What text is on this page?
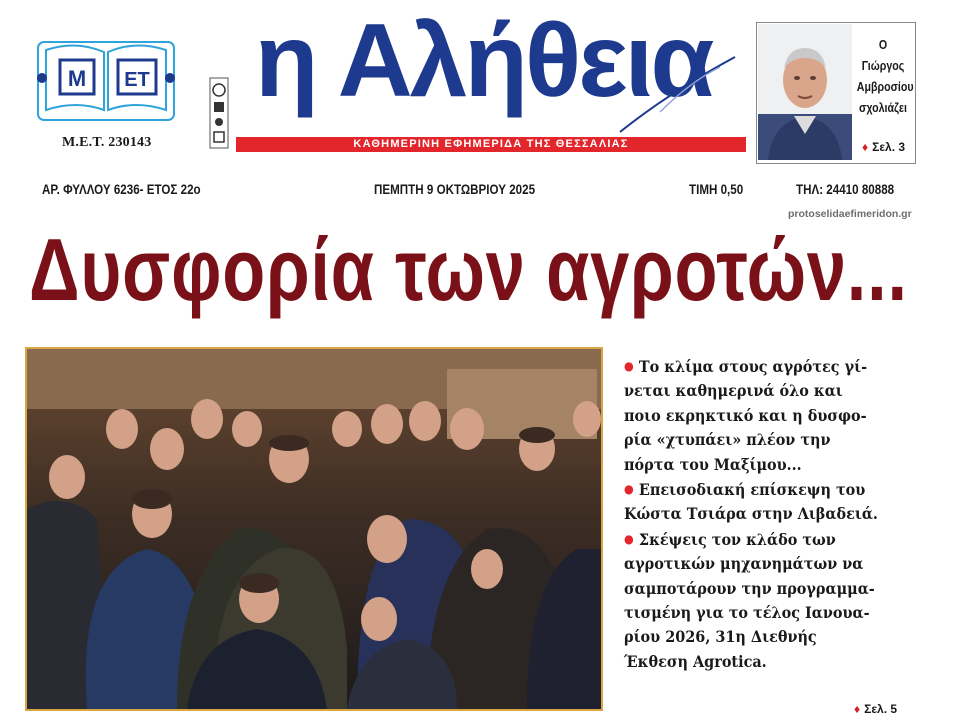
M ET
Μ.Ε.Τ. 230143
η Αλήθεια
ΚΑΘΗΜΕΡΙΝΗ ΕΦΗΜΕΡΙΔΑ ΤΗΣ ΘΕΣΣΑΛΙΑΣ
Ο Γιώργος
Αμβροσίου
σχολιάζει
♦ Σελ. 3
ΑΡ. ΦΥΛΛΟΥ 6236- ΕΤΟΣ 22ο	ΠΕΜΠΤΗ 9 ΟΚΤΩΒΡΙΟΥ 2025	ΤΙΜΗ 0,50	ΤΗΛ: 24410 80888
protoselidaefimeridon.gr
Δυσφορία των αγροτών...
● Το κλίμα στους αγρότες γί-
νεται καθημερινά όλο και
ποιο εκρηκτικό και η δυσφο-
ρία «χτυπάει» πλέον την
πόρτα του Μαξίμου...
● Επεισοδιακή επίσκεψη του
Κώστα Τσιάρα στην Λιβαδειά.
● Σκέψεις τον κλάδο των
αγροτικών μηχανημάτων να
σαμποτάρουν την προγραμμα-
τισμένη για το τέλος Ιανουα-
ρίου 2026, 31η Διεθνής
Έκθεση Agrotica.
♦ Σελ. 5
